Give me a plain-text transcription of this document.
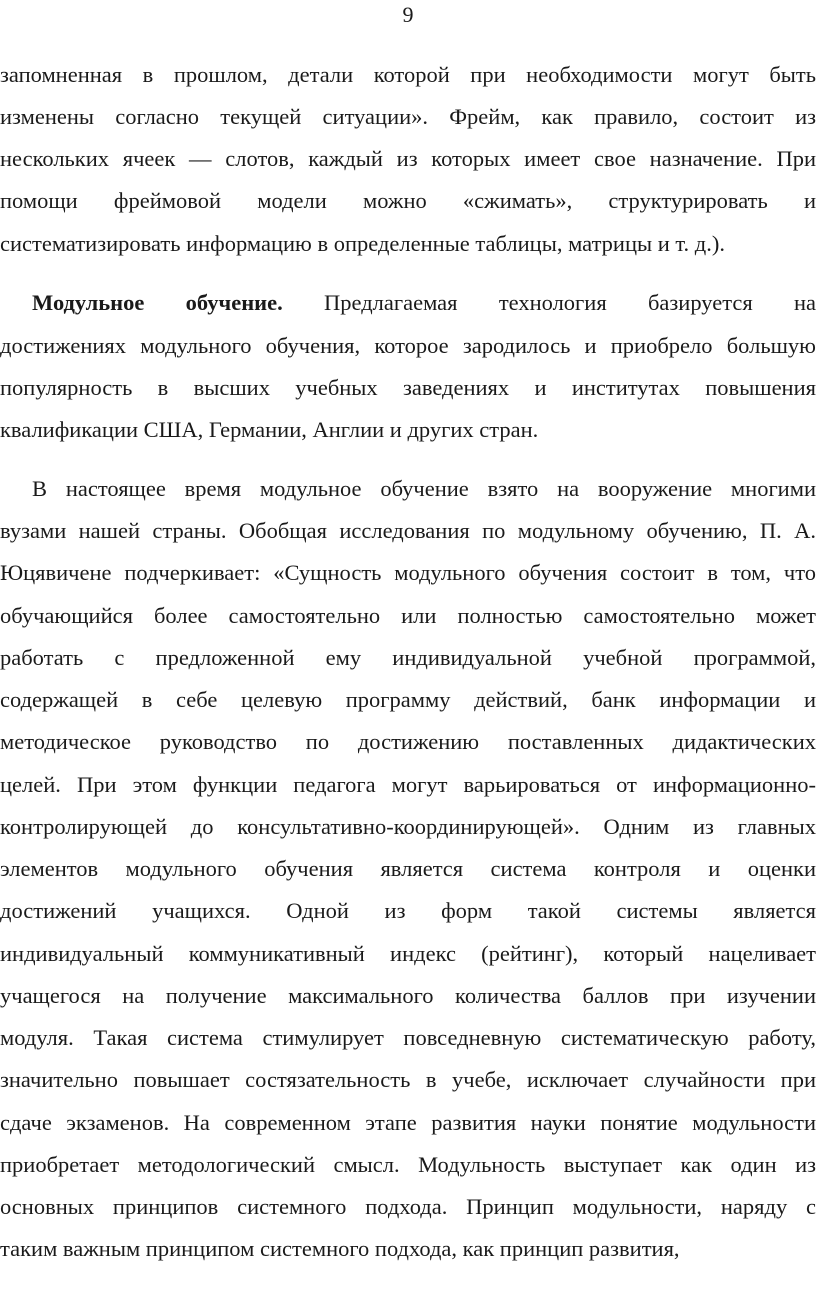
9
запомненная в прошлом, детали которой при необходимости могут быть
изменены согласно текущей ситуации». Фрейм, как правило, состоит из
нескольких ячеек — слотов, каждый из которых имеет свое назначение. При
помощи фреймовой модели можно «сжимать», структурировать и
систематизировать информацию в определенные таблицы, матрицы и т. д.).
Модульное обучение. Предлагаемая технология базируется на
достижениях модульного обучения, которое зародилось и приобрело большую
популярность в высших учебных заведениях и институтах повышения
квалификации США, Германии, Англии и других стран.
В настоящее время модульное обучение взято на вооружение многими
вузами нашей страны. Обобщая исследования по модульному обучению, П. А.
Юцявичене подчеркивает: «Сущность модульного обучения состоит в том, что
обучающийся более самостоятельно или полностью самостоятельно может
работать с предложенной ему индивидуальной учебной программой,
содержащей в себе целевую программу действий, банк информации и
методическое руководство по достижению поставленных дидактических
целей. При этом функции педагога могут варьироваться от информационно-
контролирующей до консультативно-координирующей». Одним из главных
элементов модульного обучения является система контроля и оценки
достижений учащихся. Одной из форм такой системы является
индивидуальный коммуникативный индекс (рейтинг), который нацеливает
учащегося на получение максимального количества баллов при изучении
модуля. Такая система стимулирует повседневную систематическую работу,
значительно повышает состязательность в учебе, исключает случайности при
сдаче экзаменов. На современном этапе развития науки понятие модульности
приобретает методологический смысл. Модульность выступает как один из
основных принципов системного подхода. Принцип модульности, наряду с
таким важным принципом системного подхода, как принцип развития,
